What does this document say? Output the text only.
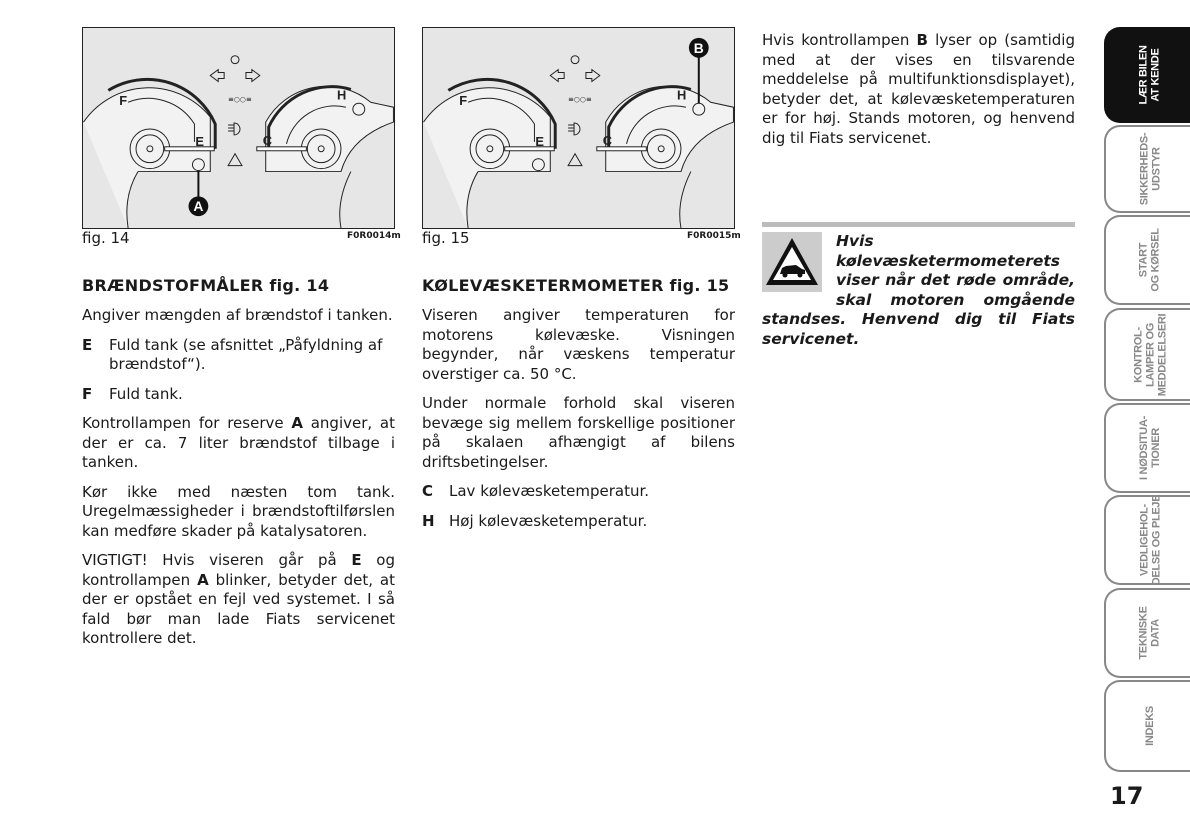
F
E	C
H
≡○○≡
A
fig. 14	F0R0014m
F
E	C
H
≡○○≡
B
fig. 15	F0R0015m
BRÆNDSTOFMÅLER fig. 14

Angiver mængden af brændstof i tanken.

E	Fuld tank (se afsnittet „Påfyldning af brændstof“).
F	Fuld tank.

Kontrollampen for reserve A angiver, at der er ca. 7 liter brændstof tilbage i tanken.

Kør ikke med næsten tom tank. Uregelmæssigheder i brændstoftilførslen kan medføre skader på katalysatoren.

VIGTIGT! Hvis viseren går på E og kontrollampen A blinker, betyder det, at der er opstået en fejl ved systemet. I så fald bør man lade Fiats servicenet kontrollere det.

KØLEVÆSKETERMOMETER fig. 15

Viseren angiver temperaturen for motorens kølevæske. Visningen begynder, når væskens temperatur overstiger ca. 50 °C.

Under normale forhold skal viseren bevæge sig mellem forskellige positioner på skalaen afhængigt af bilens driftsbetingelser.

C	Lav kølevæsketemperatur.
H Høj kølevæsketemperatur.

Hvis kontrollampen B lyser op (samtidig med at der vises en tilsvarende meddelelse på multifunktionsdisplayet), betyder det, at kølevæsketemperaturen er for høj. Stands motoren, og henvend dig til Fiats servicenet.

Hvis kølevæsketermometerets viser når det røde område, skal motoren omgående standses. Henvend dig til Fiats servicenet.
LÆR BILEN
AT KENDE
SIKKERHEDS-
UDSTYR
START
OG KØRSEL
KONTROL-
LAMPER OG
MEDDELELSERI
I NØDSITUA-
TIONER
VEDLIGEHOL-
DELSE OG PLEJE
TEKNISKE
DATA
INDEKS
17
